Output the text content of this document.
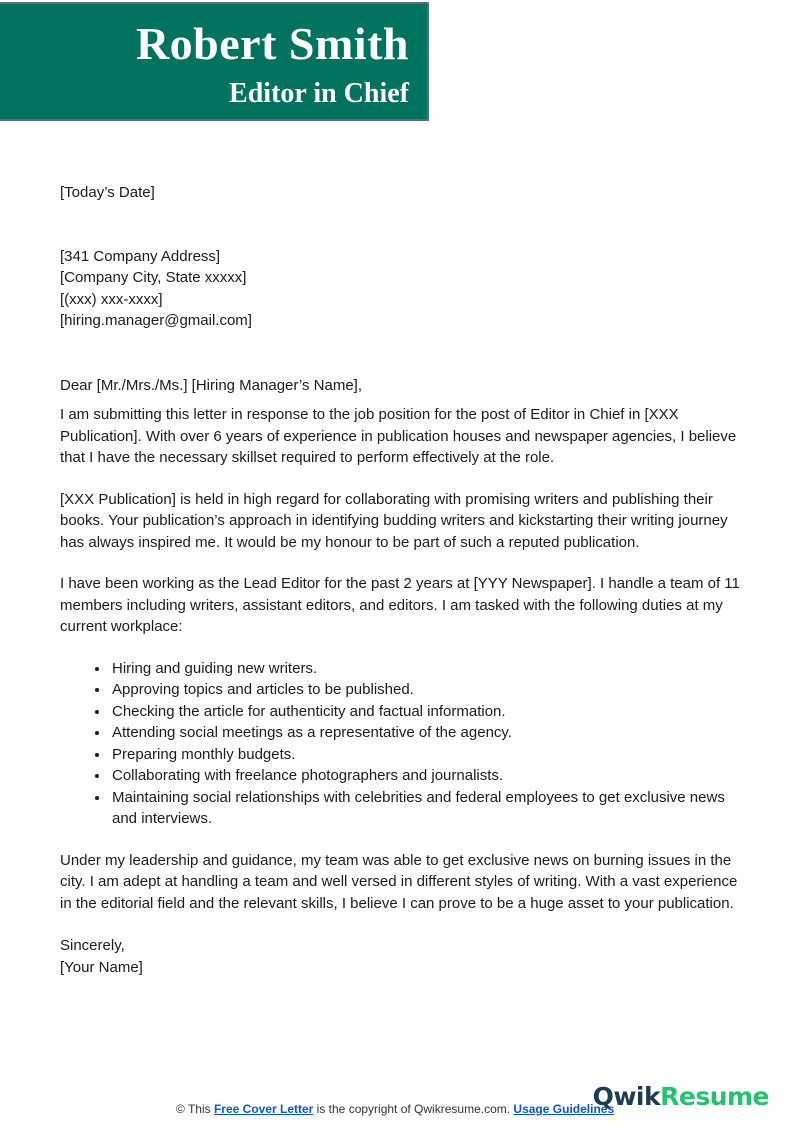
Robert Smith
Editor in Chief
[Today’s Date]
[341 Company Address]
[Company City, State xxxxx]
[(xxx) xxx-xxxx]
[hiring.manager@gmail.com]
Dear [Mr./Mrs./Ms.] [Hiring Manager’s Name],

I am submitting this letter in response to the job position for the post of Editor in Chief in [XXX Publication]. With over 6 years of experience in publication houses and newspaper agencies, I believe that I have the necessary skillset required to perform effectively at the role.

[XXX Publication] is held in high regard for collaborating with promising writers and publishing their books. Your publication’s approach in identifying budding writers and kickstarting their writing journey has always inspired me. It would be my honour to be part of such a reputed publication.

I have been working as the Lead Editor for the past 2 years at [YYY Newspaper]. I handle a team of 11 members including writers, assistant editors, and editors. I am tasked with the following duties at my current workplace:

• Hiring and guiding new writers.
• Approving topics and articles to be published.
• Checking the article for authenticity and factual information.
• Attending social meetings as a representative of the agency.
• Preparing monthly budgets.
• Collaborating with freelance photographers and journalists.
• Maintaining social relationships with celebrities and federal employees to get exclusive news and interviews.

Under my leadership and guidance, my team was able to get exclusive news on burning issues in the city. I am adept at handling a team and well versed in different styles of writing. With a vast experience in the editorial field and the relevant skills, I believe I can prove to be a huge asset to your publication.

Sincerely,
[Your Name]
© This Free Cover Letter is the copyright of Qwikresume.com. Usage Guidelines
QwikResume
